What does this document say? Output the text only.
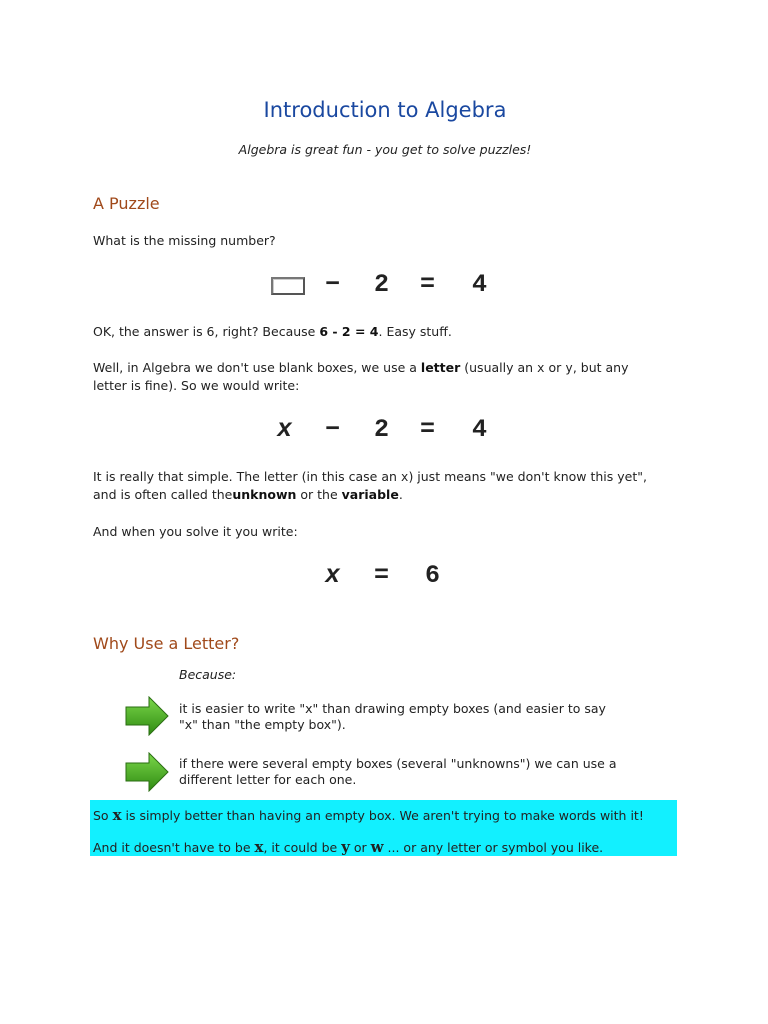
Introduction to Algebra
Algebra is great fun - you get to solve puzzles!
A Puzzle

What is the missing number?

− 2 = 4

OK, the answer is 6, right? Because 6 - 2 = 4. Easy stuff.

Well, in Algebra we don't use blank boxes, we use a letter (usually an x or y, but any
letter is fine). So we would write:

x − 2 = 4

It is really that simple. The letter (in this case an x) just means "we don't know this yet",
and is often called theunknown or the variable.

And when you solve it you write:

x = 6
Why Use a Letter?
Because:
it is easier to write "x" than drawing empty boxes (and easier to say
"x" than "the empty box").
if there were several empty boxes (several "unknowns") we can use a
different letter for each one.
So x is simply better than having an empty box. We aren't trying to make words with it!
And it doesn't have to be x, it could be y or w ... or any letter or symbol you like.
